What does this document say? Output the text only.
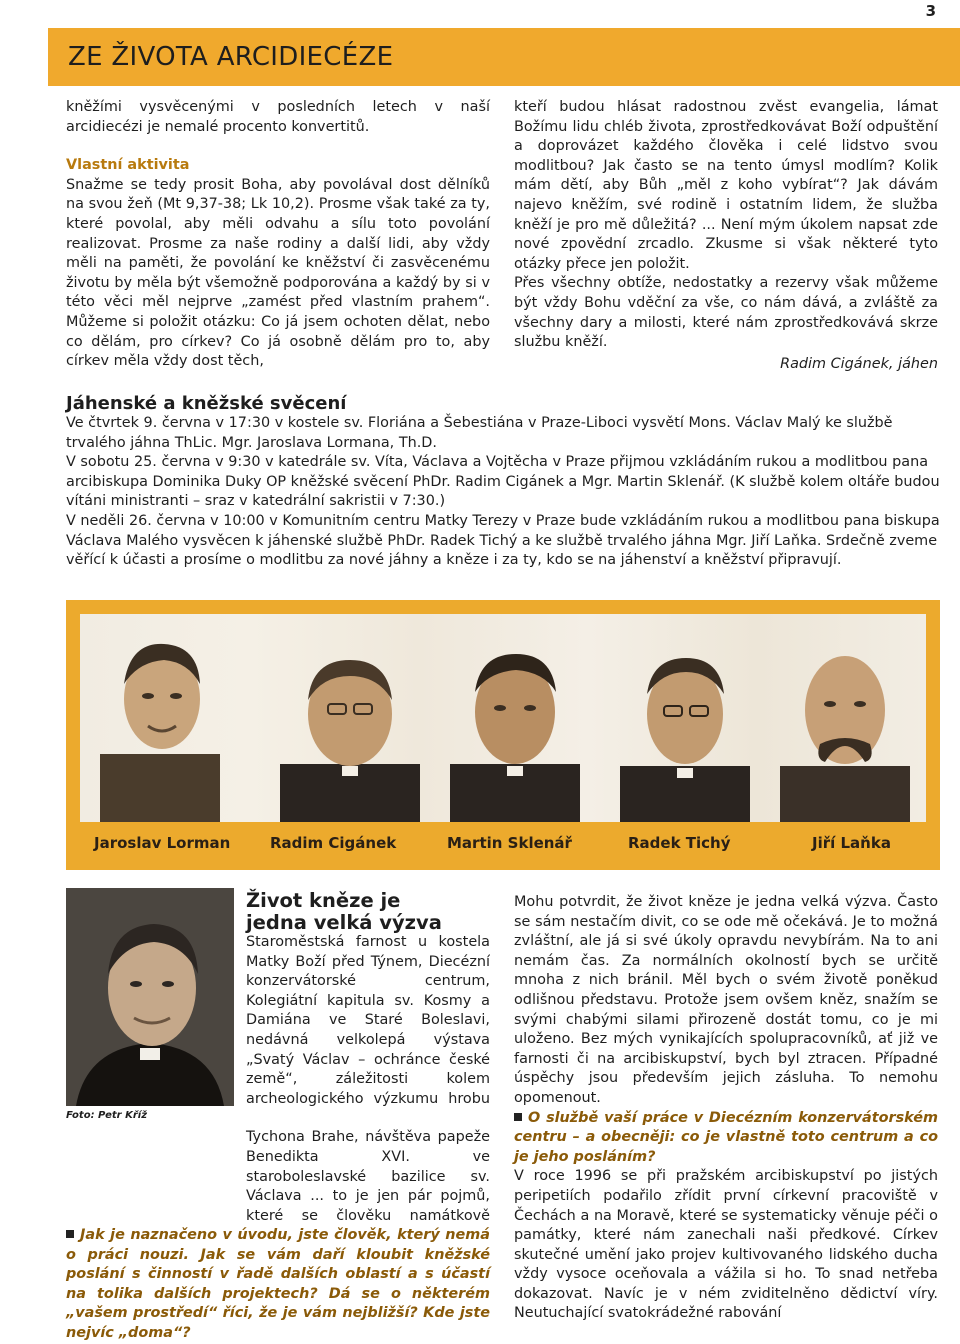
3
ZE ŽIVOTA ARCIDIECÉZE

kněžími vysvěcenými v posledních letech v naší arcidiecézi je nemalé procento konvertitů.

Vlastní aktivita

Snažme se tedy prosit Boha, aby povolával dost dělníků na svou žeň (Mt 9,37-38; Lk 10,2). Prosme však také za ty, které povolal, aby měli odvahu a sílu toto povolání realizovat. Prosme za naše rodiny a další lidi, aby vždy měli na paměti, že povolání ke kněžství či zasvěcenému životu by měla být všemožně podporována a každý by si v této věci měl nejprve „zamést před vlastním prahem“. Můžeme si položit otázku: Co já jsem ochoten dělat, nebo co dělám, pro církev? Co já osobně dělám pro to, aby církev měla vždy dost těch,

kteří budou hlásat radostnou zvěst evangelia, lámat Božímu lidu chléb života, zprostředkovávat Boží odpuštění a doprovázet každého člověka i celé lidstvo svou modlitbou? Jak často se na tento úmysl modlím? Kolik mám dětí, aby Bůh „měl z koho vybírat“? Jak dávám najevo kněžím, své rodině i ostatním lidem, že služba kněží je pro mě důležitá? ... Není mým úkolem napsat zde nové zpovědní zrcadlo. Zkusme si však některé tyto otázky přece jen položit.

Přes všechny obtíže, nedostatky a rezervy však můžeme být vždy Bohu vděční za vše, co nám dává, a zvláště za všechny dary a milosti, které nám zprostředkovává skrze službu kněží.

Radim Cigánek, jáhen

Jáhenské a kněžské svěcení

Ve čtvrtek 9. června v 17:30 v kostele sv. Floriána a Šebestiána v Praze-Liboci vysvětí Mons. Václav Malý ke službě trvalého jáhna ThLic. Mgr. Jaroslava Lormana, Th.D.

V sobotu 25. června v 9:30 v katedrále sv. Víta, Václava a Vojtěcha v Praze přijmou vzkládáním rukou a modlitbou pana arcibiskupa Dominika Duky OP kněžské svěcení PhDr. Radim Cigánek a Mgr. Martin Sklenář. (K službě kolem oltáře budou vítáni ministranti – sraz v katedrální sakristii v 7:30.)

V neděli 26. června v 10:00 v Komunitním centru Matky Terezy v Praze bude vzkládáním rukou a modlitbou pana biskupa Václava Malého vysvěcen k jáhenské službě PhDr. Radek Tichý a ke službě trvalého jáhna Mgr. Jiří Laňka. Srdečně zveme věřící k účasti a prosíme o modlitbu za nové jáhny a kněze i za ty, kdo se na jáhenství a kněžství připravují.

Jaroslav Lorman	Radim Cigánek	Martin Sklenář	Radek Tichý	Jiří Laňka
Foto: Petr Kříž
Život kněze je jedna velká výzva

Staroměstská farnost u kostela Matky Boží před Týnem, Diecézní konzervátorské centrum, Kolegiátní kapitula sv. Kosmy a Damiána ve Staré Boleslavi, nedávná velkolepá výstava „Svatý Václav – ochránce české země“, záležitosti kolem archeologického výzkumu hrobu

Tychona Brahe, návštěva papeže Benedikta XVI. ve staroboleslavské bazilice sv. Václava ... to je jen pár pojmů, které se člověku namátkově

Jak je naznačeno v úvodu, jste člověk, který nemá o práci nouzi. Jak se vám daří kloubit kněžské poslání s činností v řadě dalších oblastí a s účastí na tolika dalších projektech? Dá se o některém „vašem prostředí“ říci, že je vám nejbližší? Kde jste nejvíc „doma“?

Mohu potvrdit, že život kněze je jedna velká výzva. Často se sám nestačím divit, co se ode mě očekává. Je to možná zvláštní, ale já si své úkoly opravdu nevybírám. Na to ani nemám čas. Za normálních okolností bych se určitě mnoha z nich bránil. Měl bych o svém životě poněkud odlišnou představu. Protože jsem ovšem kněz, snažím se svými chabými silami přirozeně dostát tomu, co je mi uloženo. Bez mých vynikajících spolupracovníků, ať již ve farnosti či na arcibiskupství, bych byl ztracen. Případné úspěchy jsou především jejich zásluha. To nemohu opomenout.

O službě vaší práce v Diecézním konzervátorském centru – a obecněji: co je vlastně toto centrum a co je jeho posláním?

V roce 1996 se při pražském arcibiskupství po jistých peripetiích podařilo zřídit první církevní pracoviště v Čechách a na Moravě, které se systematicky věnuje péči o památky, které nám zanechali naši předkové. Církev skutečné umění jako projev kultivovaného lidského ducha vždy vysoce oceňovala a vážila si ho. To snad netřeba dokazovat. Navíc je v ném zviditelněno dědictví víry. Neutuchající svatokrádežné rabování
